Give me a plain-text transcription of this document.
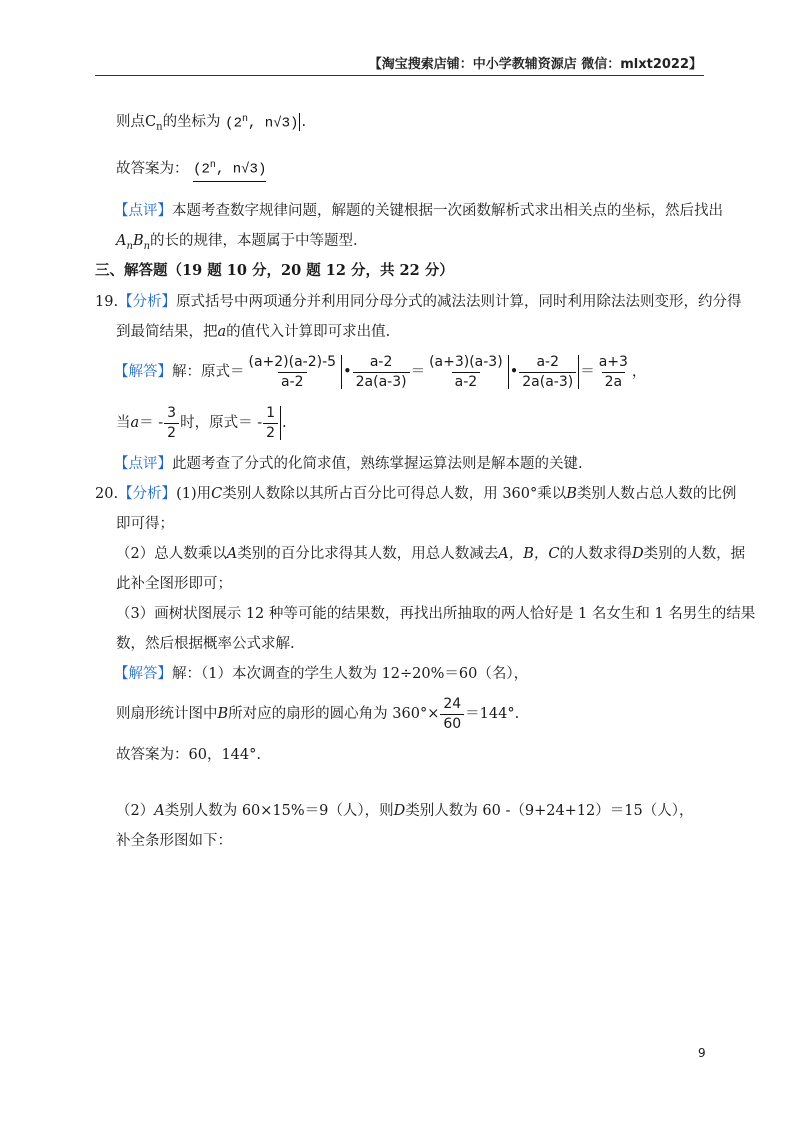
【淘宝搜索店铺：中小学教辅资源店 微信：mlxt2022】
则点$C_n$的坐标为 (2$^n$, n√3) .
故答案为： (2$^n$, n√3)
【点评】本题考查数字规律问题，解题的关键根据一次函数解析式求出相关点的坐标，然后找出
$A_nB_n$的长的规律，本题属于中等题型.
三、解答题（19 题 10 分，20 题 12 分，共 22 分）
19.【分析】原式括号中两项通分并利用同分母分式的减法法则计算，同时利用除法法则变形，约分得
到最简结果，把a的值代入计算即可求出值.
【解答】解：原式＝ $\frac{(a+2)(a-2)-5}{a-2}$ • $\frac{a-2}{2a(a-3)} = \frac{(a+3)(a-3)}{a-2}$ • $\frac{a-2}{2a(a-3)} = \frac{a+3}{2a}$ ，
当$a= - \frac{3}{2}$ 时，原式＝ - $\frac{1}{2}$ .
【点评】此题考查了分式的化简求值，熟练掌握运算法则是解本题的关键.
20.【分析】(1)用C类别人数除以其所占百分比可得总人数，用 360°乘以B类别人数占总人数的比例
即可得；
（2）总人数乘以A类别的百分比求得其人数，用总人数减去A，B，C的人数求得D类别的人数，据
此补全图形即可；
（3）画树状图展示 12 种等可能的结果数，再找出所抽取的两人恰好是 1 名女生和 1 名男生的结果
数，然后根据概率公式求解.
【解答】解：（1）本次调查的学生人数为 12÷20%＝60（名），
则扇形统计图中B所对应的扇形的圆心角为 $360^\circ\times \frac{24}{60} =144^\circ$.
故答案为：60，144°.
（2）A类别人数为 60×15%＝9（人），则D类别人数为 60 -（9+24+12）＝15（人），
补全条形图如下：
9
